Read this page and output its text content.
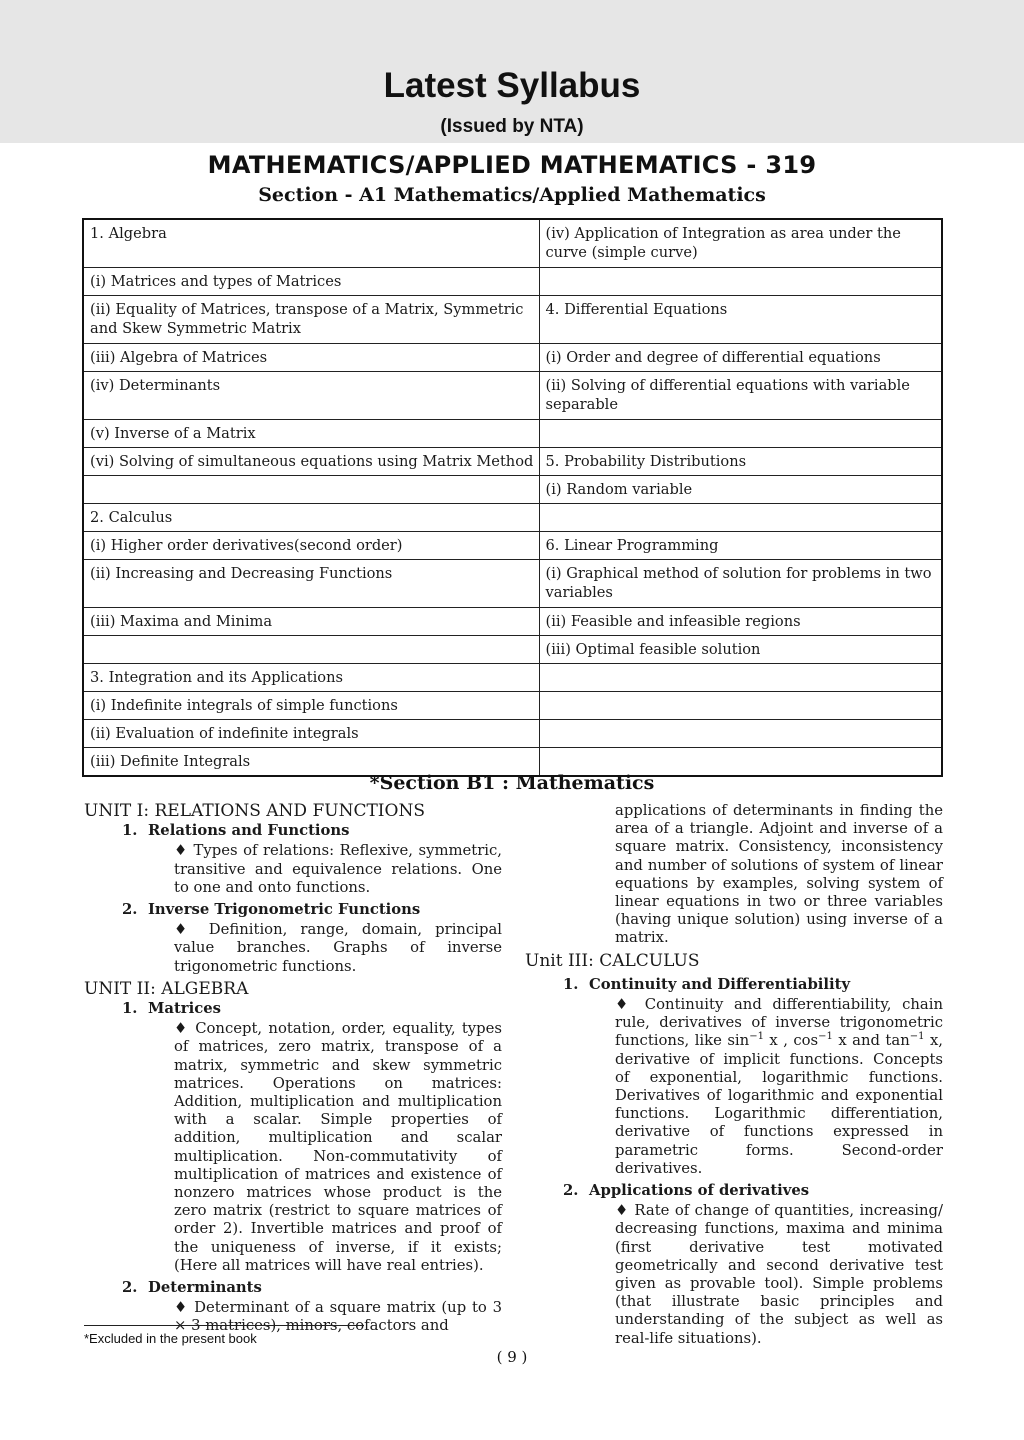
Latest Syllabus
(Issued by NTA)
MATHEMATICS/APPLIED MATHEMATICS - 319
Section - A1 Mathematics/Applied Mathematics
1. Algebra	(iv) Application of Integration as area under the curve (simple curve)
(i) Matrices and types of Matrices	
(ii) Equality of Matrices, transpose of a Matrix, Symmetric and Skew Symmetric Matrix	4. Differential Equations
(iii) Algebra of Matrices	(i) Order and degree of differential equations
(iv) Determinants	(ii) Solving of differential equations with variable separable
(v) Inverse of a Matrix	
(vi) Solving of simultaneous equations using Matrix Method	5. Probability Distributions
	(i) Random variable
2. Calculus	
(i) Higher order derivatives(second order)	6. Linear Programming
(ii) Increasing and Decreasing Functions	(i) Graphical method of solution for problems in two variables
(iii) Maxima and Minima	(ii) Feasible and infeasible regions
	(iii) Optimal feasible solution
3. Integration and its Applications	
(i) Indefinite integrals of simple functions	
(ii) Evaluation of indefinite integrals	
(iii) Definite Integrals	
*Section B1 : Mathematics
UNIT I: RELATIONS AND FUNCTIONS
1. Relations and Functions
♦ Types of relations: Reflexive, symmetric, transitive and equivalence relations. One to one and onto functions.
2. Inverse Trigonometric Functions
♦ Definition, range, domain, principal value branches. Graphs of inverse trigonometric functions.
UNIT II: ALGEBRA
1. Matrices
♦ Concept, notation, order, equality, types of matrices, zero matrix, transpose of a matrix, symmetric and skew symmetric matrices. Operations on matrices: Addition, multiplication and multiplication with a scalar. Simple properties of addition, multiplication and scalar multiplication. Non-commutativity of multiplication of matrices and existence of nonzero matrices whose product is the zero matrix (restrict to square matrices of order 2). Invertible matrices and proof of the uniqueness of inverse, if it exists; (Here all matrices will have real entries).
2. Determinants
♦ Determinant of a square matrix (up to 3 × 3 matrices), minors, cofactors and
applications of determinants in finding the area of a triangle. Adjoint and inverse of a square matrix. Consistency, inconsistency and number of solutions of system of linear equations by examples, solving system of linear equations in two or three variables (having unique solution) using inverse of a matrix.
Unit III: CALCULUS
1. Continuity and Differentiability
♦ Continuity and differentiability, chain rule, derivatives of inverse trigonometric functions, like $\sin^{-1} x$ , $\cos^{-1} x$ and $\tan^{-1} x$, derivative of implicit functions. Concepts of exponential, logarithmic functions. Derivatives of logarithmic and exponential functions. Logarithmic differentiation, derivative of functions expressed in parametric forms. Second-order derivatives.
2. Applications of derivatives
♦ Rate of change of quantities, increasing/ decreasing functions, maxima and minima (first derivative test motivated geometrically and second derivative test given as provable tool). Simple problems (that illustrate basic principles and understanding of the subject as well as real-life situations).
*Excluded in the present book
( 9 )
